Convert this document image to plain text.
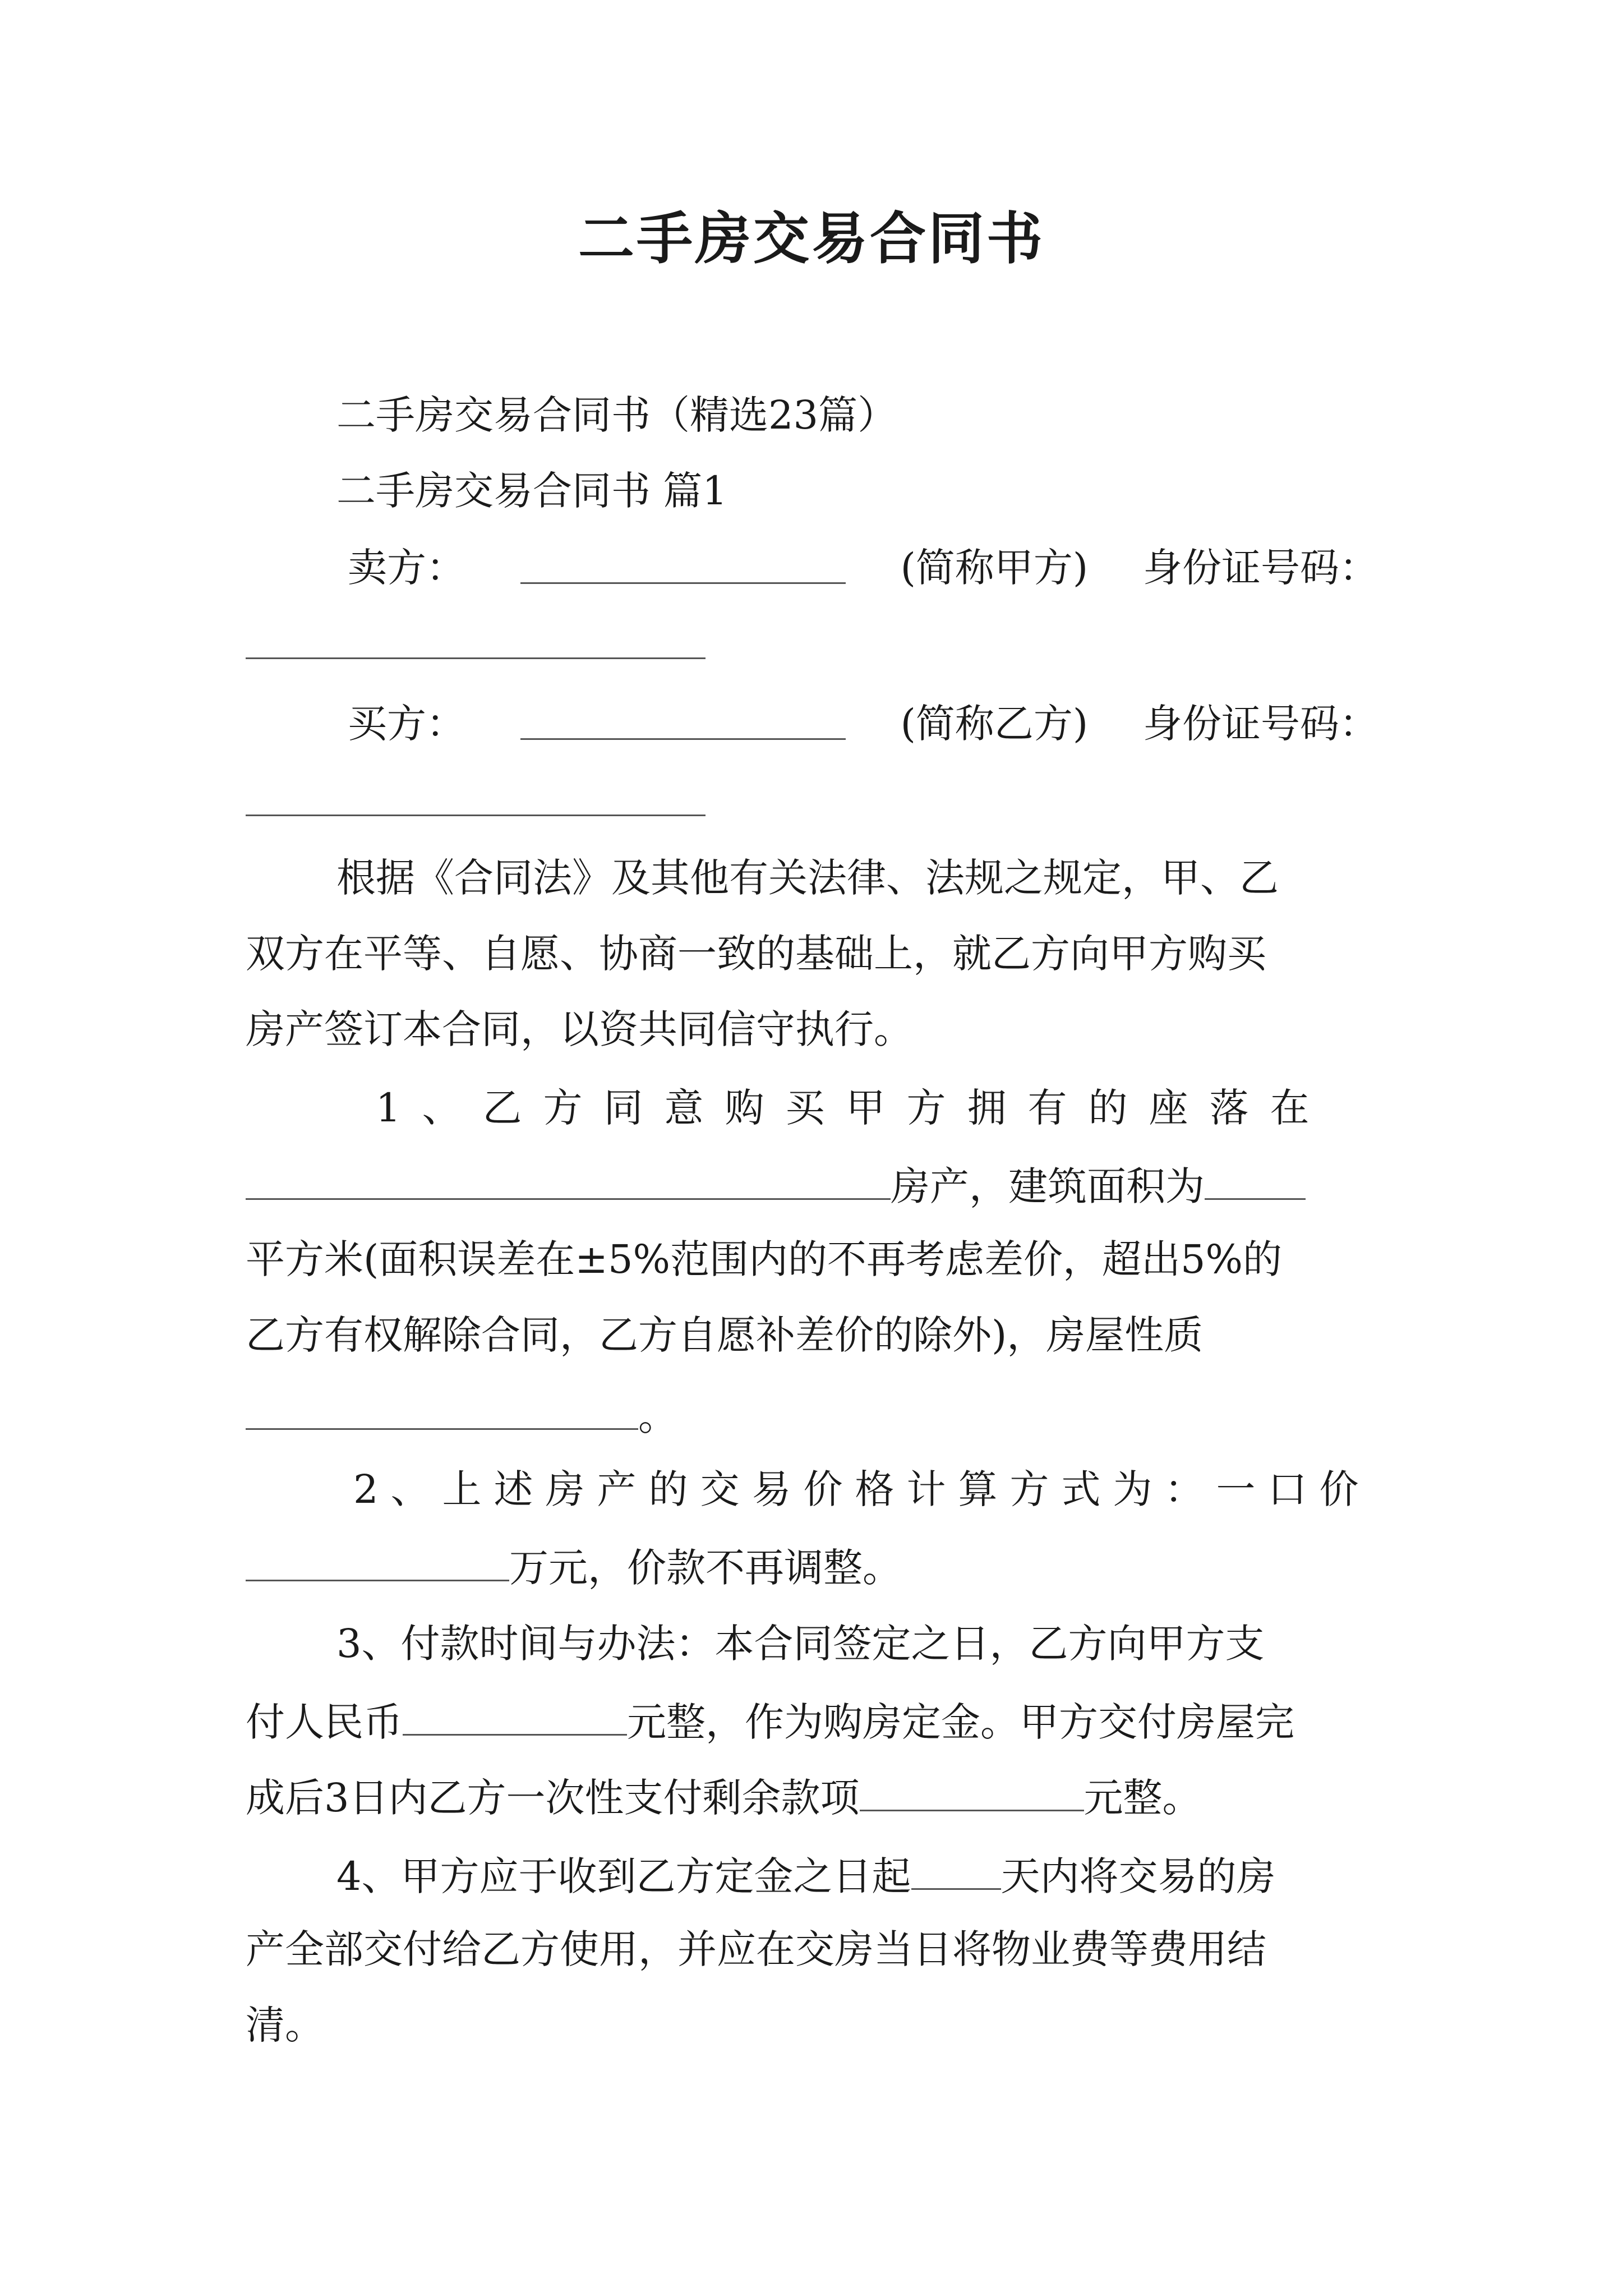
二手房交易合同书
二手房交易合同书（精选23篇）
二手房交易合同书 篇1
卖方：	(简称甲方) 身份证号码：
买方：	(简称乙方) 身份证号码：
根据《合同法》及其他有关法律、法规之规定，甲、乙
双方在平等、自愿、协商一致的基础上，就乙方向甲方购买
房产签订本合同，以资共同信守执行。
1、乙方同意购买甲方拥有的座落在
房产，建筑面积为
平方米(面积误差在±5%范围内的不再考虑差价，超出5%的
乙方有权解除合同，乙方自愿补差价的除外)，房屋性质
。
2、上述房产的交易价格计算方式为：一口价
万元，价款不再调整。
3、付款时间与办法：本合同签定之日，乙方向甲方支
付人民币	元整，作为购房定金。甲方交付房屋完
成后3日内乙方一次性支付剩余款项	元整。
4、甲方应于收到乙方定金之日起 天内将交易的房
产全部交付给乙方使用，并应在交房当日将物业费等费用结
清。
